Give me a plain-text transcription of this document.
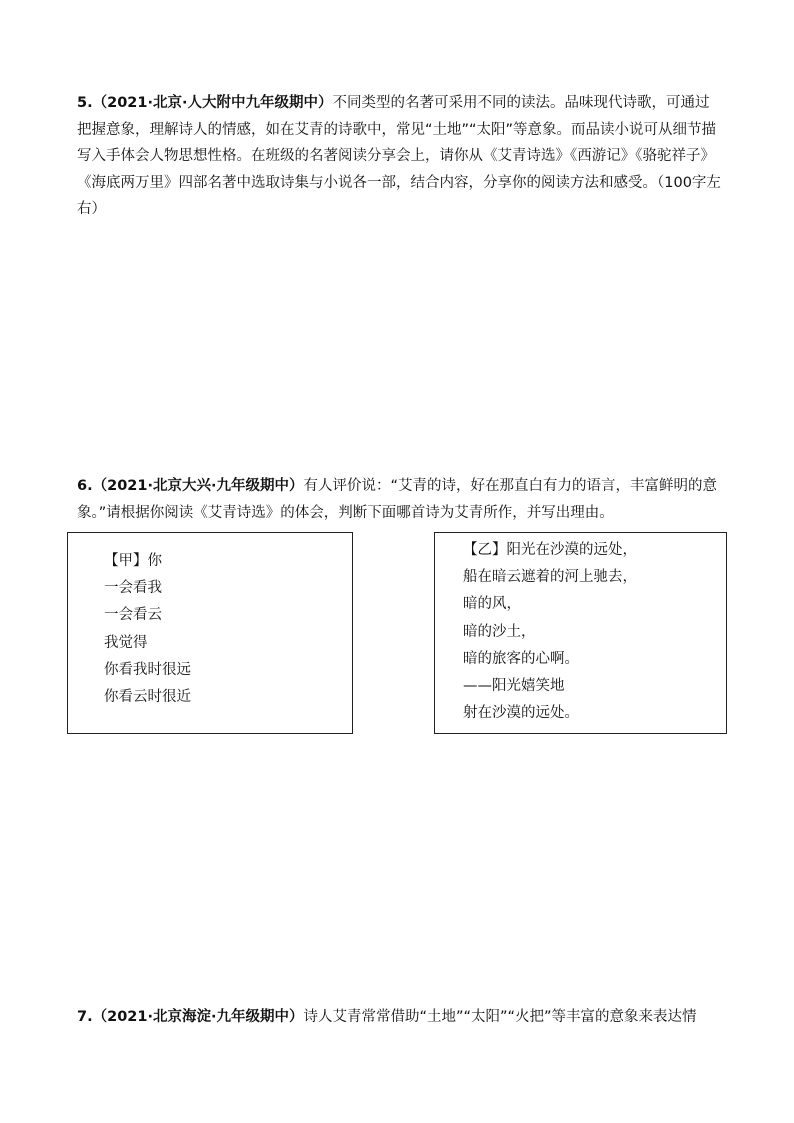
5.（2021·北京·人大附中九年级期中）不同类型的名著可采用不同的读法。品味现代诗歌，可通过把握意象，理解诗人的情感，如在艾青的诗歌中，常见“土地”“太阳”等意象。而品读小说可从细节描写入手体会人物思想性格。在班级的名著阅读分享会上，请你从《艾青诗选》《西游记》《骆驼祥子》《海底两万里》四部名著中选取诗集与小说各一部，结合内容，分享你的阅读方法和感受。（100字左右）

6.（2021·北京大兴·九年级期中）有人评价说：“艾青的诗，好在那直白有力的语言，丰富鲜明的意象。”请根据你阅读《艾青诗选》的体会，判断下面哪首诗为艾青所作，并写出理由。

【甲】你
一会看我
一会看云
我觉得
你看我时很远
你看云时很近
【乙】阳光在沙漠的远处，
船在暗云遮着的河上驰去，
暗的风，
暗的沙土，
暗的旅客的心啊。
——阳光嬉笑地
射在沙漠的远处。

7.（2021·北京海淀·九年级期中）诗人艾青常常借助“土地”“太阳”“火把”等丰富的意象来表达情
